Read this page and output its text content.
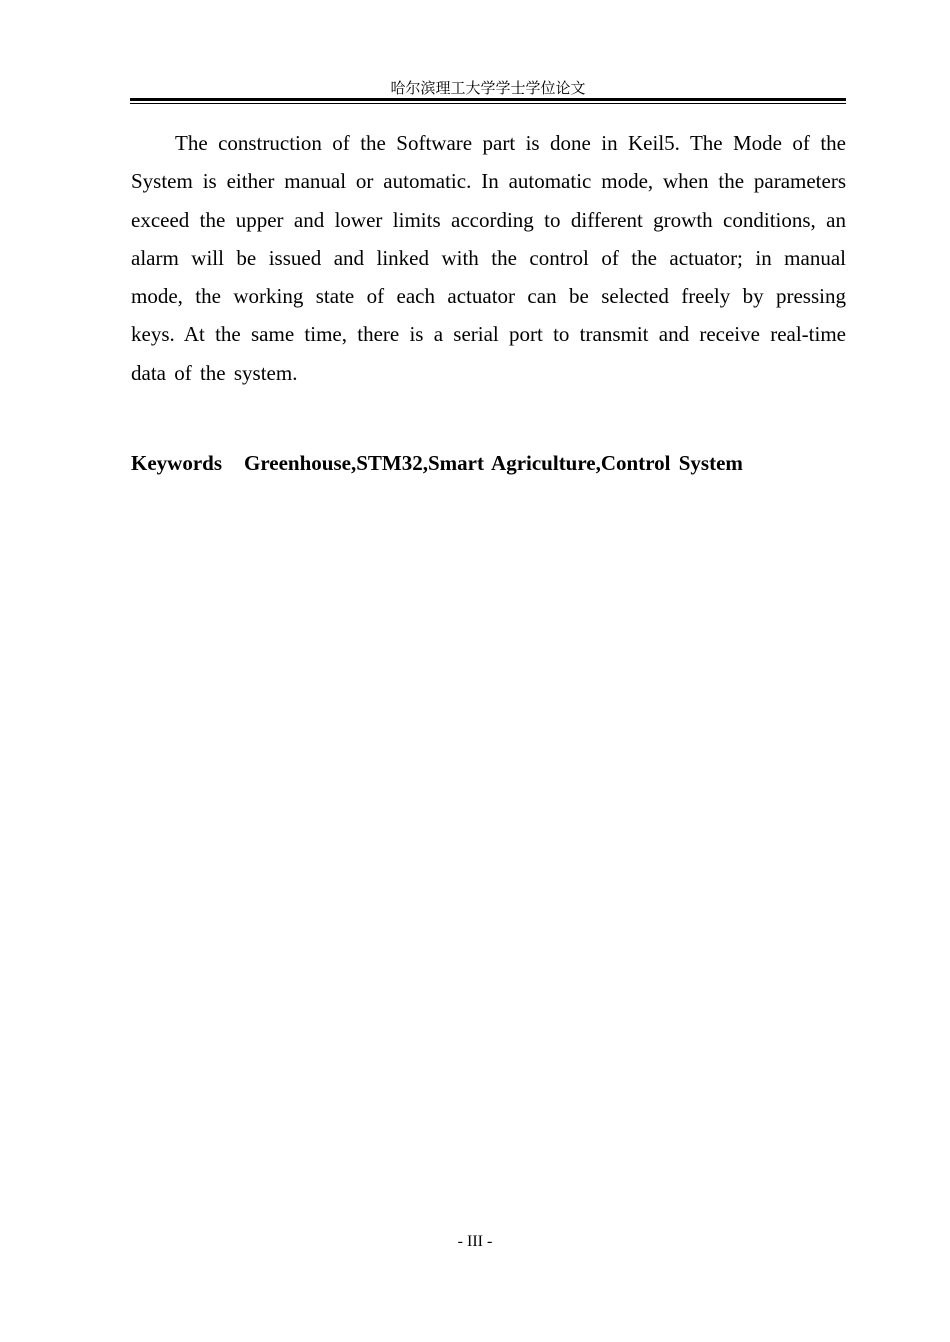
哈尔滨理工大学学士学位论文

The construction of the Software part is done in Keil5. The Mode of the System is either manual or automatic. In automatic mode, when the parameters exceed the upper and lower limits according to different growth conditions, an alarm will be issued and linked with the control of the actuator; in manual mode, the working state of each actuator can be selected freely by pressing keys. At the same time, there is a serial port to transmit and receive real-time data of the system.

Keywords Greenhouse,STM32,Smart Agriculture,Control System

- III -
